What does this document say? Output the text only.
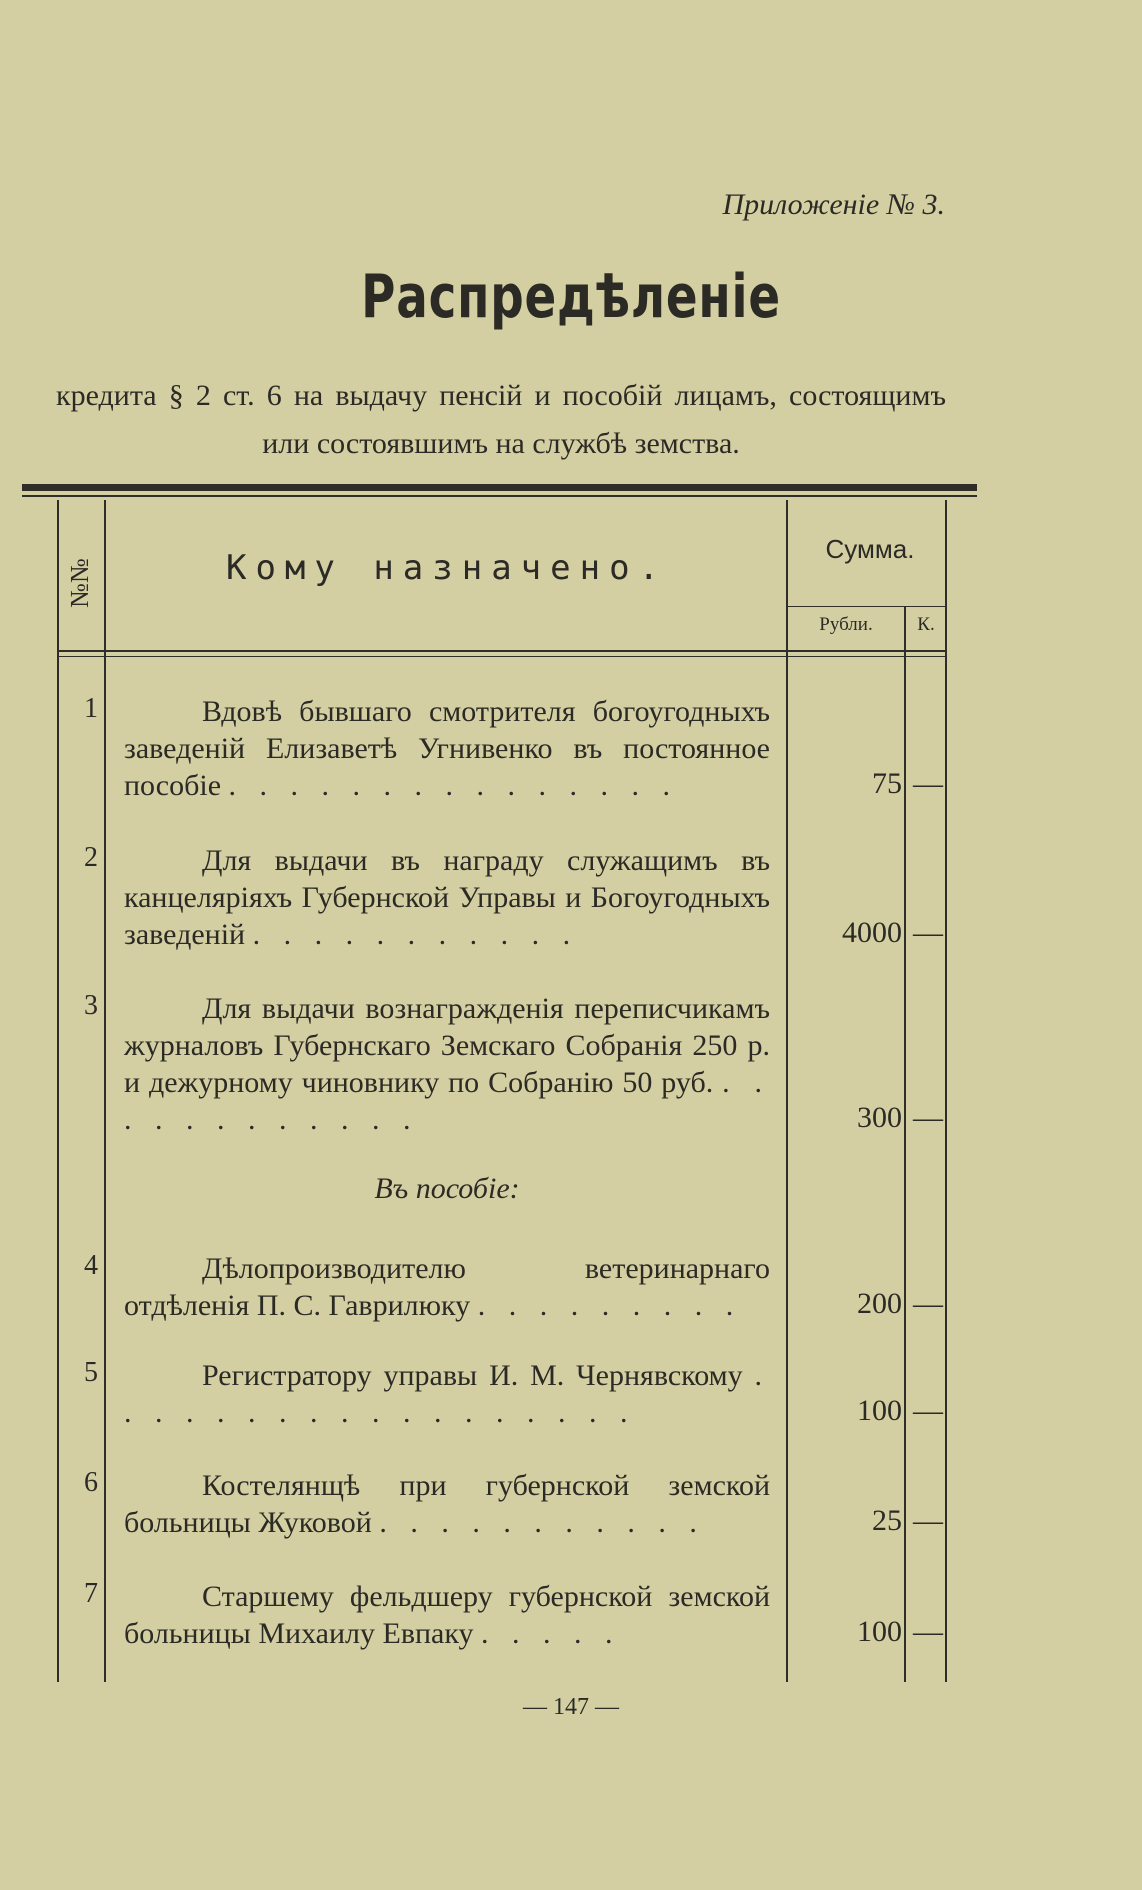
Приложеніе № 3.
Распредѣленіе
кредита § 2 ст. 6 на выдачу пенсій и пособій лицамъ, состоящимъ или состоявшимъ на службѣ земства.
№№	Кому назначено.	Сумма.
Рубли.	К.
1	Вдовѣ бывшаго смотрителя богоугодныхъ заведеній Елизаветѣ Угнивенко въ постоянное пособіе . . . . . . . . . . . . . . .	75 —
2	Для выдачи въ награду служащимъ въ канцеляріяхъ Губернской Управы и Богоугодныхъ заведеній . . . . . . . . . . .	4000 —
3	Для выдачи вознагражденія переписчикамъ журналовъ Губернскаго Земскаго Собранія 250 р. и дежурному чиновнику по Собранію 50 руб. . . . . . . . . . . . .	300 —
Въ пособіе:
4	Дѣлопроизводителю ветеринарнаго отдѣленія П. С. Гаврилюку . . . . . . . . .	200 —
5	Регистратору управы И. М. Чернявскому . . . . . . . . . . . . . . . . . .	100 —
6	Костелянщѣ при губернской земской больницы Жуковой . . . . . . . . . . .	25 —
7	Старшему фельдшеру губернской земской больницы Михаилу Евпаку . . . . .	100 —
— 147 —
